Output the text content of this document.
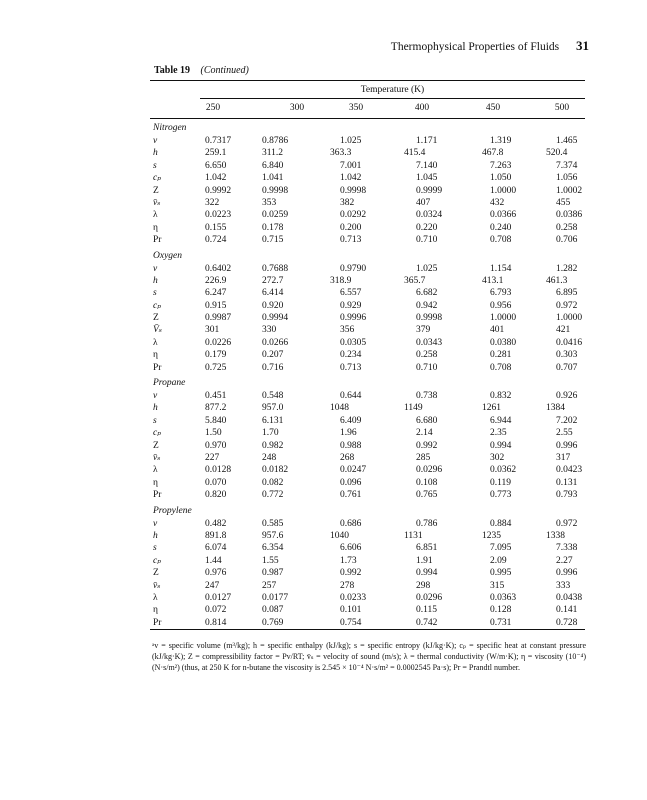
Thermophysical Properties of Fluids 31
Table 19 (Continued)
Temperature (K)
250	300	350	400	450	500
Nitrogen
v	0.7317	0.8786	1.025	1.171	1.319	1.465
h	259.1	311.2	363.3	415.4	467.8	520.4
s	6.650	6.840	7.001	7.140	7.263	7.374
cₚ	1.042	1.041	1.042	1.045	1.050	1.056
Z	0.9992	0.9998	0.9998	0.9999	1.0000	1.0002
v̄ₛ	322	353	382	407	432	455
λ	0.0223	0.0259	0.0292	0.0324	0.0366	0.0386
η	0.155	0.178	0.200	0.220	0.240	0.258
Pr	0.724	0.715	0.713	0.710	0.708	0.706
Oxygen
v	0.6402	0.7688	0.9790	1.025	1.154	1.282
h	226.9	272.7	318.9	365.7	413.1	461.3
s	6.247	6.414	6.557	6.682	6.793	6.895
cₚ	0.915	0.920	0.929	0.942	0.956	0.972
Z	0.9987	0.9994	0.9996	0.9998	1.0000	1.0000
V̄ₛ	301	330	356	379	401	421
λ	0.0226	0.0266	0.0305	0.0343	0.0380	0.0416
η	0.179	0.207	0.234	0.258	0.281	0.303
Pr	0.725	0.716	0.713	0.710	0.708	0.707
Propane
v	0.451	0.548	0.644	0.738	0.832	0.926
h	877.2	957.0	1048	1149	1261	1384
s	5.840	6.131	6.409	6.680	6.944	7.202
cₚ	1.50	1.70	1.96	2.14	2.35	2.55
Z	0.970	0.982	0.988	0.992	0.994	0.996
v̄ₛ	227	248	268	285	302	317
λ	0.0128	0.0182	0.0247	0.0296	0.0362	0.0423
η	0.070	0.082	0.096	0.108	0.119	0.131
Pr	0.820	0.772	0.761	0.765	0.773	0.793
Propylene
v	0.482	0.585	0.686	0.786	0.884	0.972
h	891.8	957.6	1040	1131	1235	1338
s	6.074	6.354	6.606	6.851	7.095	7.338
cₚ	1.44	1.55	1.73	1.91	2.09	2.27
Z	0.976	0.987	0.992	0.994	0.995	0.996
v̄ₛ	247	257	278	298	315	333
λ	0.0127	0.0177	0.0233	0.0296	0.0363	0.0438
η	0.072	0.087	0.101	0.115	0.128	0.141
Pr	0.814	0.769	0.754	0.742	0.731	0.728
ᵃv = specific volume (m³/kg); h = specific enthalpy (kJ/kg); s = specific entropy (kJ/kg·K); cₚ = specific heat at constant pressure (kJ/kg·K); Z = compressibility factor = Pv/RT; v̄ₛ = velocity of sound (m/s); λ = thermal conductivity (W/m·K); η = viscosity (10⁻⁴)(N·s/m²) (thus, at 250 K for n-butane the viscosity is 2.545 × 10⁻⁴ N·s/m² = 0.0002545 Pa·s); Pr = Prandtl number.
